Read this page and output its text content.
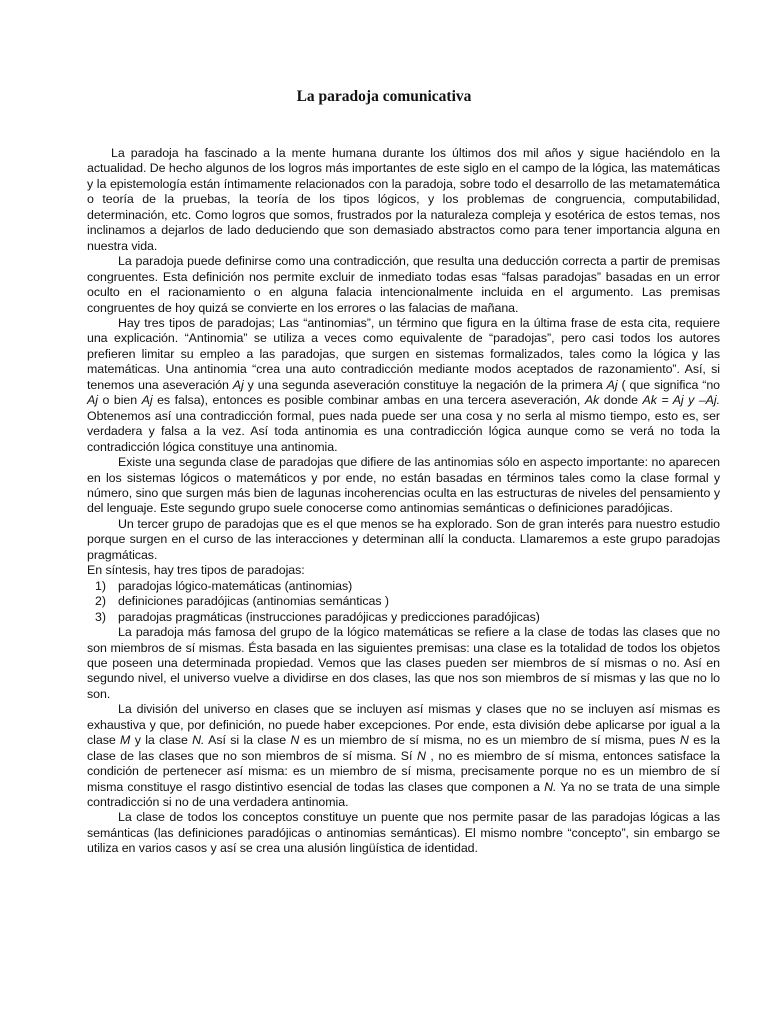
La paradoja comunicativa

La paradoja ha fascinado a la mente humana durante los últimos dos mil años y sigue haciéndolo en la actualidad. De hecho algunos de los logros más importantes de este siglo en el campo de la lógica, las matemáticas y la epistemología están íntimamente relacionados con la paradoja, sobre todo el desarrollo de las metamatemática o teoría de la pruebas, la teoría de los tipos lógicos, y los problemas de congruencia, computabilidad, determinación, etc. Como logros que somos, frustrados por la naturaleza compleja y esotérica de estos temas, nos inclinamos a dejarlos de lado deduciendo que son demasiado abstractos como para tener importancia alguna en nuestra vida.

La paradoja puede definirse como una contradicción, que resulta una deducción correcta a partir de premisas congruentes. Esta definición nos permite excluir de inmediato todas esas “falsas paradojas” basadas en un error oculto en el racionamiento o en alguna falacia intencionalmente incluida en el argumento. Las premisas congruentes de hoy quizá se convierte en los errores o las falacias de mañana.

Hay tres tipos de paradojas; Las “antinomias”, un término que figura en la última frase de esta cita, requiere una explicación. “Antinomia” se utiliza a veces como equivalente de “paradojas”, pero casi todos los autores prefieren limitar su empleo a las paradojas, que surgen en sistemas formalizados, tales como la lógica y las matemáticas. Una antinomia “crea una auto contradicción mediante modos aceptados de razonamiento”. Así, si tenemos una aseveración Aj y una segunda aseveración constituye la negación de la primera Aj ( que significa “no Aj o bien Aj es falsa), entonces es posible combinar ambas en una tercera aseveración, Ak donde Ak = Aj y –Aj. Obtenemos así una contradicción formal, pues nada puede ser una cosa y no serla al mismo tiempo, esto es, ser verdadera y falsa a la vez. Así toda antinomia es una contradicción lógica aunque como se verá no toda la contradicción lógica constituye una antinomia.

Existe una segunda clase de paradojas que difiere de las antinomias sólo en aspecto importante: no aparecen en los sistemas lógicos o matemáticos y por ende, no están basadas en términos tales como la clase formal y número, sino que surgen más bien de lagunas incoherencias oculta en las estructuras de niveles del pensamiento y del lenguaje. Este segundo grupo suele conocerse como antinomias semánticas o definiciones paradójicas.

Un tercer grupo de paradojas que es el que menos se ha explorado. Son de gran interés para nuestro estudio porque surgen en el curso de las interacciones y determinan allí la conducta. Llamaremos a este grupo paradojas pragmáticas.

En síntesis, hay tres tipos de paradojas:

1) paradojas lógico-matemáticas (antinomias)
2) definiciones paradójicas (antinomias semánticas )
3) paradojas pragmáticas (instrucciones paradójicas y predicciones paradójicas)

La paradoja más famosa del grupo de la lógico matemáticas se refiere a la clase de todas las clases que no son miembros de sí mismas. Ésta basada en las siguientes premisas: una clase es la totalidad de todos los objetos que poseen una determinada propiedad. Vemos que las clases pueden ser miembros de sí mismas o no. Así en segundo nivel, el universo vuelve a dividirse en dos clases, las que nos son miembros de sí mismas y las que no lo son.

La división del universo en clases que se incluyen así mismas y clases que no se incluyen así mismas es exhaustiva y que, por definición, no puede haber excepciones. Por ende, esta división debe aplicarse por igual a la clase M y la clase N. Así si la clase N es un miembro de sí misma, no es un miembro de sí misma, pues N es la clase de las clases que no son miembros de sí misma. Sí N , no es miembro de sí misma, entonces satisface la condición de pertenecer así misma: es un miembro de sí misma, precisamente porque no es un miembro de sí misma constituye el rasgo distintivo esencial de todas las clases que componen a N. Ya no se trata de una simple contradicción si no de una verdadera antinomia.

La clase de todos los conceptos constituye un puente que nos permite pasar de las paradojas lógicas a las semánticas (las definiciones paradójicas o antinomias semánticas). El mismo nombre “concepto”, sin embargo se utiliza en varios casos y así se crea una alusión lingüística de identidad.
